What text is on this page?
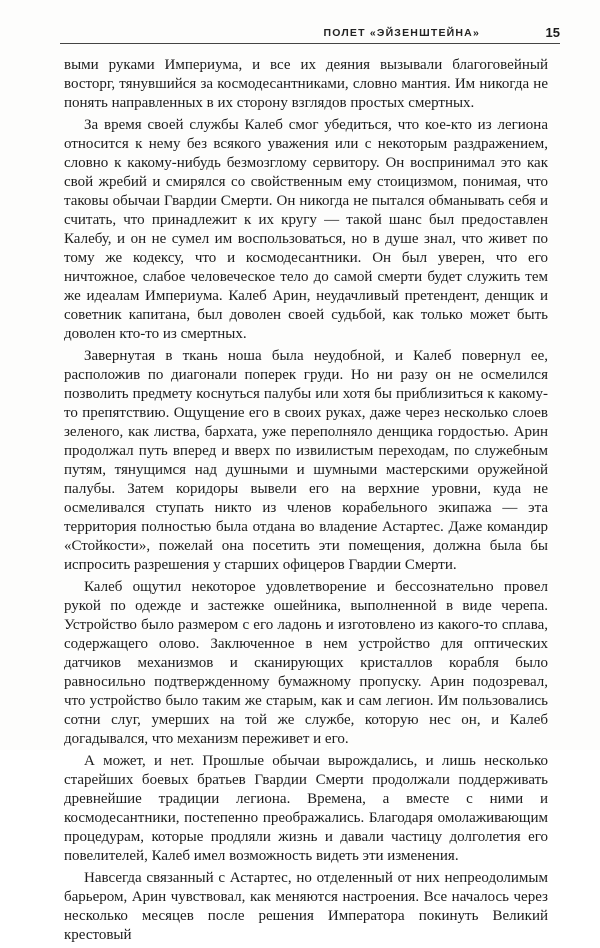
ПОЛЕТ «ЭЙЗЕНШТЕЙНА»	15

выми руками Империума, и все их деяния вызывали благоговейный восторг, тянувшийся за космодесантниками, словно мантия. Им никогда не понять направленных в их сторону взглядов простых смертных.

За время своей службы Калеб смог убедиться, что кое-кто из легиона относится к нему без всякого уважения или с некоторым раздражением, словно к какому-нибудь безмозглому сервитору. Он воспринимал это как свой жребий и смирялся со свойственным ему стоицизмом, понимая, что таковы обычаи Гвардии Смерти. Он никогда не пытался обманывать себя и считать, что принадлежит к их кругу — такой шанс был предоставлен Калебу, и он не сумел им воспользоваться, но в душе знал, что живет по тому же кодексу, что и космодесантники. Он был уверен, что его ничтожное, слабое человеческое тело до самой смерти будет служить тем же идеалам Империума. Калеб Арин, неудачливый претендент, денщик и советник капитана, был доволен своей судьбой, как только может быть доволен кто-то из смертных.

Завернутая в ткань ноша была неудобной, и Калеб повернул ее, расположив по диагонали поперек груди. Но ни разу он не осмелился позволить предмету коснуться палубы или хотя бы приблизиться к какому-то препятствию. Ощущение его в своих руках, даже через несколько слоев зеленого, как листва, бархата, уже переполняло денщика гордостью. Арин продолжал путь вперед и вверх по извилистым переходам, по служебным путям, тянущимся над душными и шумными мастерскими оружейной палубы. Затем коридоры вывели его на верхние уровни, куда не осмеливался ступать никто из членов корабельного экипажа — эта территория полностью была отдана во владение Астартес. Даже командир «Стойкости», пожелай она посетить эти помещения, должна была бы испросить разрешения у старших офицеров Гвардии Смерти.

Калеб ощутил некоторое удовлетворение и бессознательно провел рукой по одежде и застежке ошейника, выполненной в виде черепа. Устройство было размером с его ладонь и изготовлено из какого-то сплава, содержащего олово. Заключенное в нем устройство для оптических датчиков механизмов и сканирующих кристаллов корабля было равносильно подтвержденному бумажному пропуску. Арин подозревал, что устройство было таким же старым, как и сам легион. Им пользовались сотни слуг, умерших на той же службе, которую нес он, и Калеб догадывался, что механизм переживет и его.

А может, и нет. Прошлые обычаи вырождались, и лишь несколько старейших боевых братьев Гвардии Смерти продолжали поддерживать древнейшие традиции легиона. Времена, а вместе с ними и космодесантники, постепенно преображались. Благодаря омолаживающим процедурам, которые продляли жизнь и давали частицу долголетия его повелителей, Калеб имел возможность видеть эти изменения.

Навсегда связанный с Астартес, но отделенный от них непреодолимым барьером, Арин чувствовал, как меняются настроения. Все началось через несколько месяцев после решения Императора покинуть Великий крестовый
